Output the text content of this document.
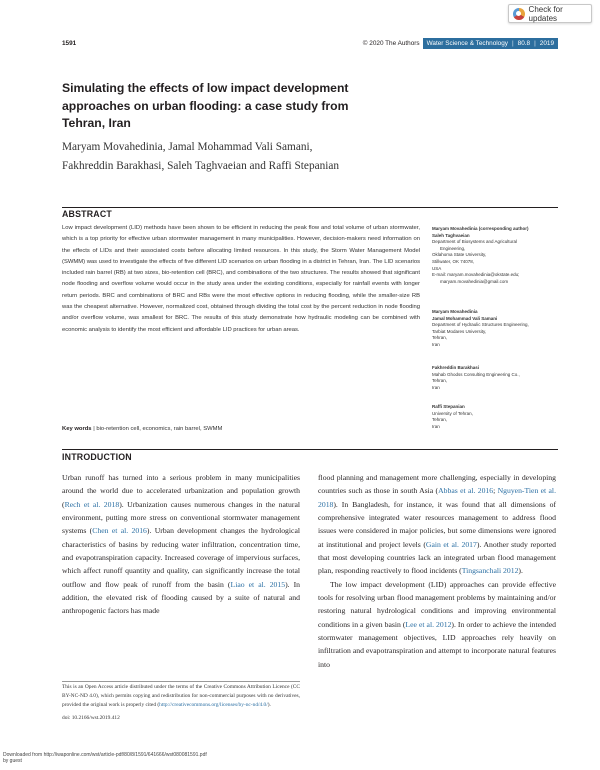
Check for updates
1591	© 2020 The Authors	Water Science & Technology | 80.8 | 2019
Simulating the effects of low impact development approaches on urban flooding: a case study from Tehran, Iran
Maryam Movahedinia, Jamal Mohammad Vali Samani,
Fakhreddin Barakhasi, Saleh Taghvaeian and Raffi Stepanian
ABSTRACT
Low impact development (LID) methods have been shown to be efficient in reducing the peak flow and total volume of urban stormwater, which is a top priority for effective urban stormwater management in many municipalities. However, decision-makers need information on the effects of LIDs and their associated costs before allocating limited resources. In this study, the Storm Water Management Model (SWMM) was used to investigate the effects of five different LID scenarios on urban flooding in a district in Tehran, Iran. The LID scenarios included rain barrel (RB) at two sizes, bio-retention cell (BRC), and combinations of the two structures. The results showed that significant node flooding and overflow volume would occur in the study area under the existing conditions, especially for rainfall events with longer return periods. BRC and combinations of BRC and RBs were the most effective options in reducing flooding, while the smaller-size RB was the cheapest alternative. However, normalized cost, obtained through dividing the total cost by the percent reduction in node flooding and/or overflow volume, was smallest for BRC. The results of this study demonstrate how hydraulic modeling can be combined with economic analysis to identify the most efficient and affordable LID practices for urban areas.
Key words | bio-retention cell, economics, rain barrel, SWMM
Maryam Movahedinia (corresponding author)
Saleh Taghvaeian

Department of Biosystems and Agricultural

Engineering,

Oklahoma State University,

Stillwater, OK 74078,

USA

E-mail: maryam.movahedinia@okstate.edu;

maryam.movahedinia@gmail.com

Maryam Movahedinia
Jamal Mohammad Vali Samani

Department of Hydraulic Structures Engineering,

Tarbiat Modares University,

Tehran,

Iran

Fakhreddin Barakhasi

Mahab Ghodss Consulting Engineering Co.,

Tehran,

Iran

Raffi Stepanian

University of Tehran,

Tehran,

Iran

INTRODUCTION

Urban runoff has turned into a serious problem in many municipalities around the world due to accelerated urbanization and population growth (Rech et al. 2018). Urbanization causes numerous changes in the natural environment, putting more stress on conventional stormwater management systems (Chen et al. 2016). Urban development changes the hydrological characteristics of basins by reducing water infiltration, concentration time, and evapotranspiration capacity. Increased coverage of impervious surfaces, which affect runoff quantity and quality, can significantly increase the total outflow and flow peak of runoff from the basin (Liao et al. 2015). In addition, the elevated risk of flooding caused by a suite of natural and anthropogenic factors has made

flood planning and management more challenging, especially in developing countries such as those in south Asia (Abbas et al. 2016; Nguyen-Tien et al. 2018). In Bangladesh, for instance, it was found that all dimensions of comprehensive integrated water resources management to address flood issues were considered in major policies, but some dimensions were ignored at institutional and project levels (Gain et al. 2017). Another study reported that most developing countries lack an integrated urban flood management plan, responding reactively to flood incidents (Tingsanchali 2012).

The low impact development (LID) approaches can provide effective tools for resolving urban flood management problems by maintaining and/or restoring natural hydrological conditions and improving environmental conditions in a given basin (Lee et al. 2012). In order to achieve the intended stormwater management objectives, LID approaches rely heavily on infiltration and evapotranspiration and attempt to incorporate natural features into

This is an Open Access article distributed under the terms of the Creative Commons Attribution Licence (CC BY-NC-ND 4.0), which permits copying and redistribution for non-commercial purposes with no derivatives, provided the original work is properly cited (http://creativecommons.org/licenses/by-nc-nd/4.0/).
doi: 10.2166/wst.2019.412
Downloaded from http://iwaponline.com/wst/article-pdf/80/8/1591/641666/wst080081591.pdf
by guest
